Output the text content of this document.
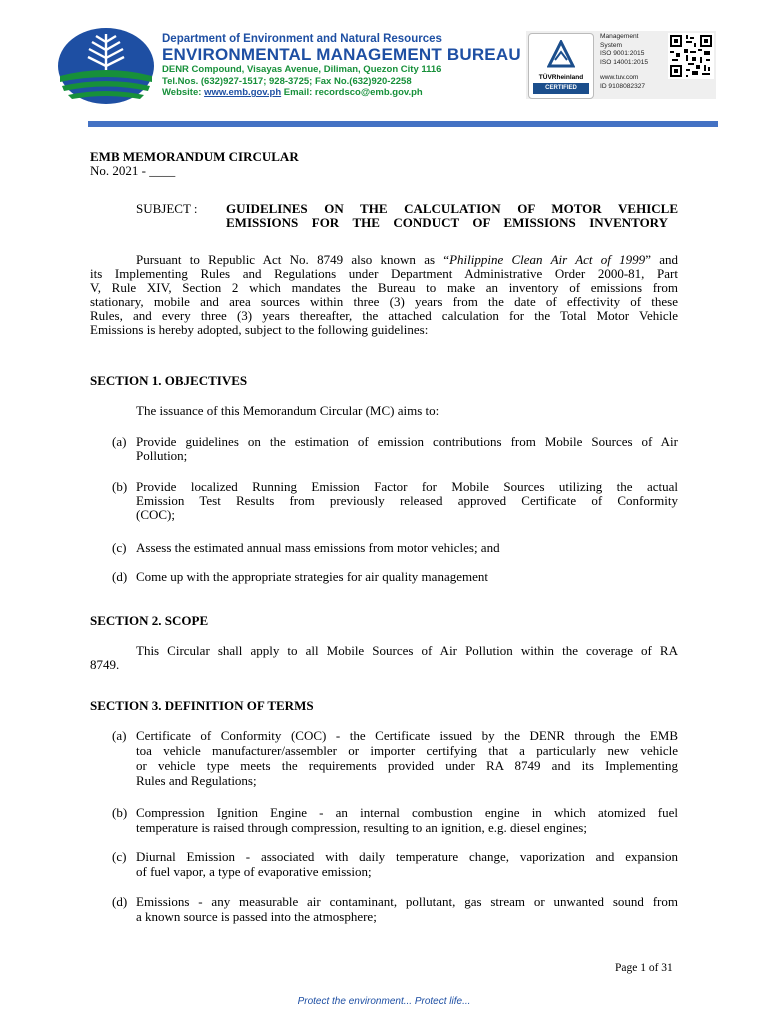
Department of Environment and Natural Resources
ENVIRONMENTAL MANAGEMENT BUREAU
DENR Compound, Visayas Avenue, Diliman, Quezon City 1116
Tel.Nos. (632)927-1517; 928-3725; Fax No.(632)920-2258
Website: www.emb.gov.ph Email: recordsco@emb.gov.ph
TÜVRheinland
CERTIFIED
Management
System
ISO 9001:2015
ISO 14001:2015
www.tuv.com
ID 9108082327
EMB MEMORANDUM CIRCULAR
No. 2021 - ____
SUBJECT : GUIDELINES ON THE CALCULATION OF MOTOR VEHICLE
EMISSIONS FOR THE CONDUCT OF EMISSIONS INVENTORY
Pursuant to Republic Act No. 8749 also known as “Philippine Clean Air Act of 1999” and
its Implementing Rules and Regulations under Department Administrative Order 2000-81, Part
V, Rule XIV, Section 2 which mandates the Bureau to make an inventory of emissions from
stationary, mobile and area sources within three (3) years from the date of effectivity of these
Rules, and every three (3) years thereafter, the attached calculation for the Total Motor Vehicle
Emissions is hereby adopted, subject to the following guidelines:
SECTION 1. OBJECTIVES
The issuance of this Memorandum Circular (MC) aims to:
(a) Provide guidelines on the estimation of emission contributions from Mobile Sources of Air
Pollution;
(b) Provide localized Running Emission Factor for Mobile Sources utilizing the actual
Emission Test Results from previously released approved Certificate of Conformity
(COC);
(c) Assess the estimated annual mass emissions from motor vehicles; and
(d) Come up with the appropriate strategies for air quality management
SECTION 2. SCOPE
This Circular shall apply to all Mobile Sources of Air Pollution within the coverage of RA
8749.
SECTION 3. DEFINITION OF TERMS
(a) Certificate of Conformity (COC) - the Certificate issued by the DENR through the EMB
toa vehicle manufacturer/assembler or importer certifying that a particularly new vehicle
or vehicle type meets the requirements provided under RA 8749 and its Implementing
Rules and Regulations;
(b) Compression Ignition Engine - an internal combustion engine in which atomized fuel
temperature is raised through compression, resulting to an ignition, e.g. diesel engines;
(c) Diurnal Emission - associated with daily temperature change, vaporization and expansion
of fuel vapor, a type of evaporative emission;
(d) Emissions - any measurable air contaminant, pollutant, gas stream or unwanted sound from
a known source is passed into the atmosphere;
Page 1 of 31
Protect the environment... Protect life...
